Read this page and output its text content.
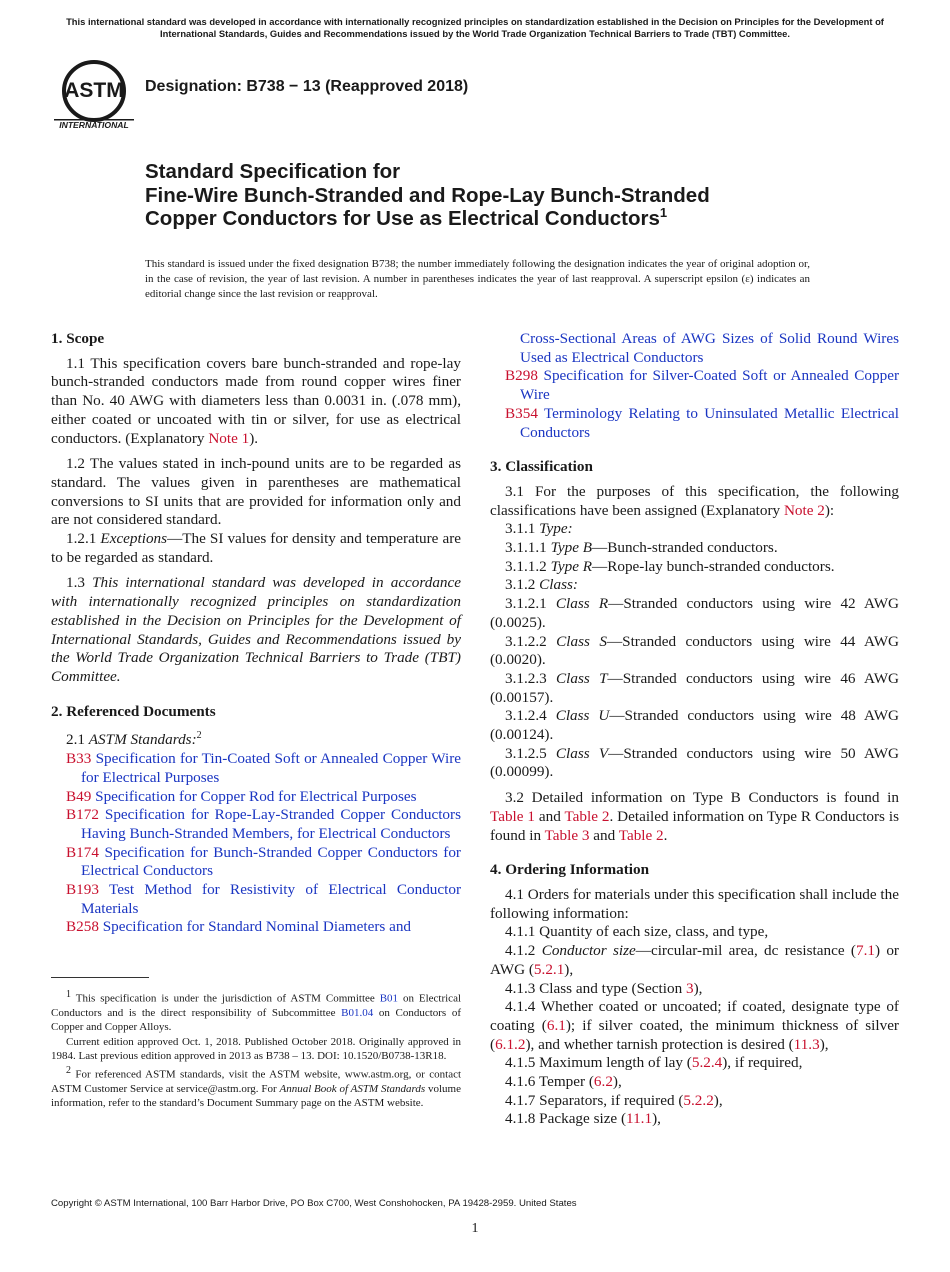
This international standard was developed in accordance with internationally recognized principles on standardization established in the Decision on Principles for the Development of International Standards, Guides and Recommendations issued by the World Trade Organization Technical Barriers to Trade (TBT) Committee.
ASTM
INTERNATIONAL
Designation: B738 − 13 (Reapproved 2018)
Standard Specification for
Fine-Wire Bunch-Stranded and Rope-Lay Bunch-Stranded
Copper Conductors for Use as Electrical Conductors$^1$
This standard is issued under the fixed designation B738; the number immediately following the designation indicates the year of original adoption or, in the case of revision, the year of last revision. A number in parentheses indicates the year of last reapproval. A superscript epsilon (ε) indicates an editorial change since the last revision or reapproval.
1. Scope

1.1 This specification covers bare bunch-stranded and rope-lay bunch-stranded conductors made from round copper wires finer than No. 40 AWG with diameters less than 0.0031 in. (.078 mm), either coated or uncoated with tin or silver, for use as electrical conductors. (Explanatory Note 1).

1.2 The values stated in inch-pound units are to be regarded as standard. The values given in parentheses are mathematical conversions to SI units that are provided for information only and are not considered standard.

1.2.1 Exceptions—The SI values for density and temperature are to be regarded as standard.

1.3 This international standard was developed in accordance with internationally recognized principles on standardization established in the Decision on Principles for the Development of International Standards, Guides and Recommendations issued by the World Trade Organization Technical Barriers to Trade (TBT) Committee.

2. Referenced Documents

2.1 ASTM Standards:$^2$

B33 Specification for Tin-Coated Soft or Annealed Copper Wire for Electrical Purposes

B49 Specification for Copper Rod for Electrical Purposes

B172 Specification for Rope-Lay-Stranded Copper Conductors Having Bunch-Stranded Members, for Electrical Conductors

B174 Specification for Bunch-Stranded Copper Conductors for Electrical Conductors

B193 Test Method for Resistivity of Electrical Conductor Materials

B258 Specification for Standard Nominal Diameters and

$^1$ This specification is under the jurisdiction of ASTM Committee B01 on Electrical Conductors and is the direct responsibility of Subcommittee B01.04 on Conductors of Copper and Copper Alloys.

Current edition approved Oct. 1, 2018. Published October 2018. Originally approved in 1984. Last previous edition approved in 2013 as B738 – 13. DOI: 10.1520/B0738-13R18.

$^2$ For referenced ASTM standards, visit the ASTM website, www.astm.org, or contact ASTM Customer Service at service@astm.org. For Annual Book of ASTM Standards volume information, refer to the standard’s Document Summary page on the ASTM website.

Cross-Sectional Areas of AWG Sizes of Solid Round Wires Used as Electrical Conductors

B298 Specification for Silver-Coated Soft or Annealed Copper Wire

B354 Terminology Relating to Uninsulated Metallic Electrical Conductors

3. Classification

3.1 For the purposes of this specification, the following classifications have been assigned (Explanatory Note 2):

3.1.1 Type:

3.1.1.1 Type B—Bunch-stranded conductors.

3.1.1.2 Type R—Rope-lay bunch-stranded conductors.

3.1.2 Class:

3.1.2.1 Class R—Stranded conductors using wire 42 AWG (0.0025).

3.1.2.2 Class S—Stranded conductors using wire 44 AWG (0.0020).

3.1.2.3 Class T—Stranded conductors using wire 46 AWG (0.00157).

3.1.2.4 Class U—Stranded conductors using wire 48 AWG (0.00124).

3.1.2.5 Class V—Stranded conductors using wire 50 AWG (0.00099).

3.2 Detailed information on Type B Conductors is found in Table 1 and Table 2. Detailed information on Type R Conductors is found in Table 3 and Table 2.

4. Ordering Information

4.1 Orders for materials under this specification shall include the following information:

4.1.1 Quantity of each size, class, and type,

4.1.2 Conductor size—circular-mil area, dc resistance (7.1) or AWG (5.2.1),

4.1.3 Class and type (Section 3),

4.1.4 Whether coated or uncoated; if coated, designate type of coating (6.1); if silver coated, the minimum thickness of silver (6.1.2), and whether tarnish protection is desired (11.3),

4.1.5 Maximum length of lay (5.2.4), if required,

4.1.6 Temper (6.2),

4.1.7 Separators, if required (5.2.2),

4.1.8 Package size (11.1),

Copyright © ASTM International, 100 Barr Harbor Drive, PO Box C700, West Conshohocken, PA 19428-2959. United States
1
